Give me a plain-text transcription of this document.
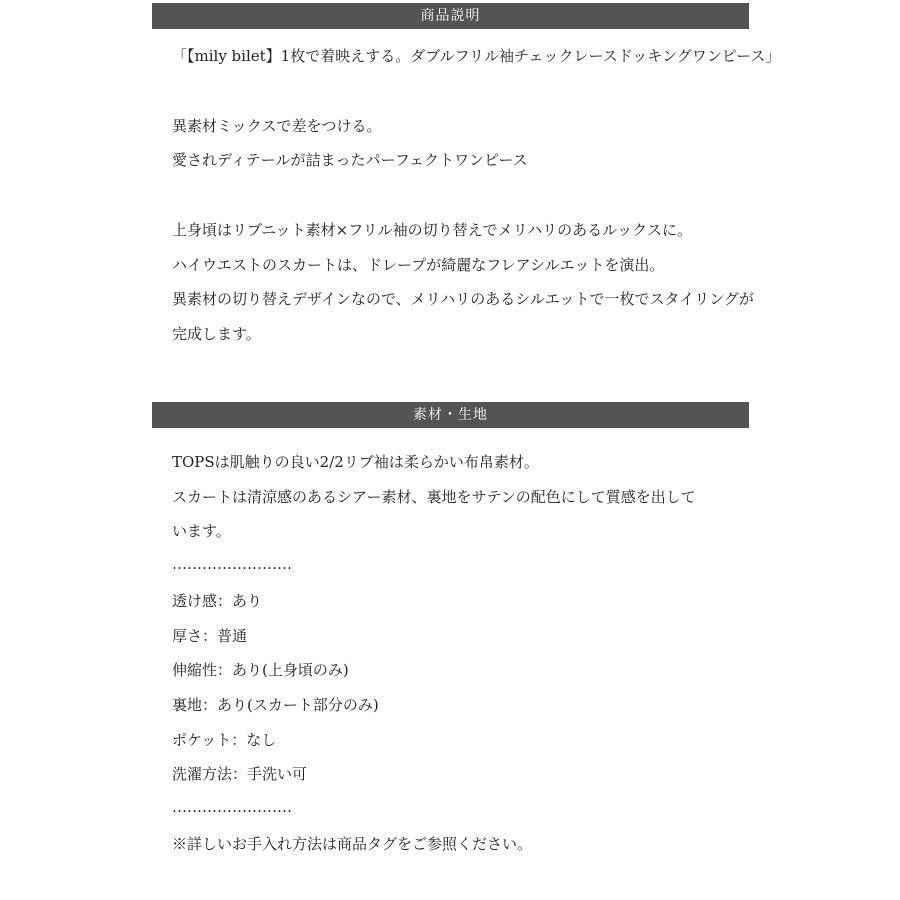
商品説明
「【mily bilet】1枚で着映えする。ダブルフリル袖チェックレースドッキングワンピース」
異素材ミックスで差をつける。
愛されディテールが詰まったパーフェクトワンピース
上身頃はリブニット素材×フリル袖の切り替えでメリハリのあるルックスに。
ハイウエストのスカートは、ドレープが綺麗なフレアシルエットを演出。
異素材の切り替えデザインなので、メリハリのあるシルエットで一枚でスタイリングが
完成します。
素材・生地
TOPSは肌触りの良い2/2リブ袖は柔らかい布帛素材。
スカートは清涼感のあるシアー素材、裏地をサテンの配色にして質感を出して
います。
……………………
透け感：あり
厚さ：普通
伸縮性：あり(上身頃のみ)
裏地：あり(スカート部分のみ)
ポケット：なし
洗濯方法：手洗い可
……………………
※詳しいお手入れ方法は商品タグをご参照ください。
